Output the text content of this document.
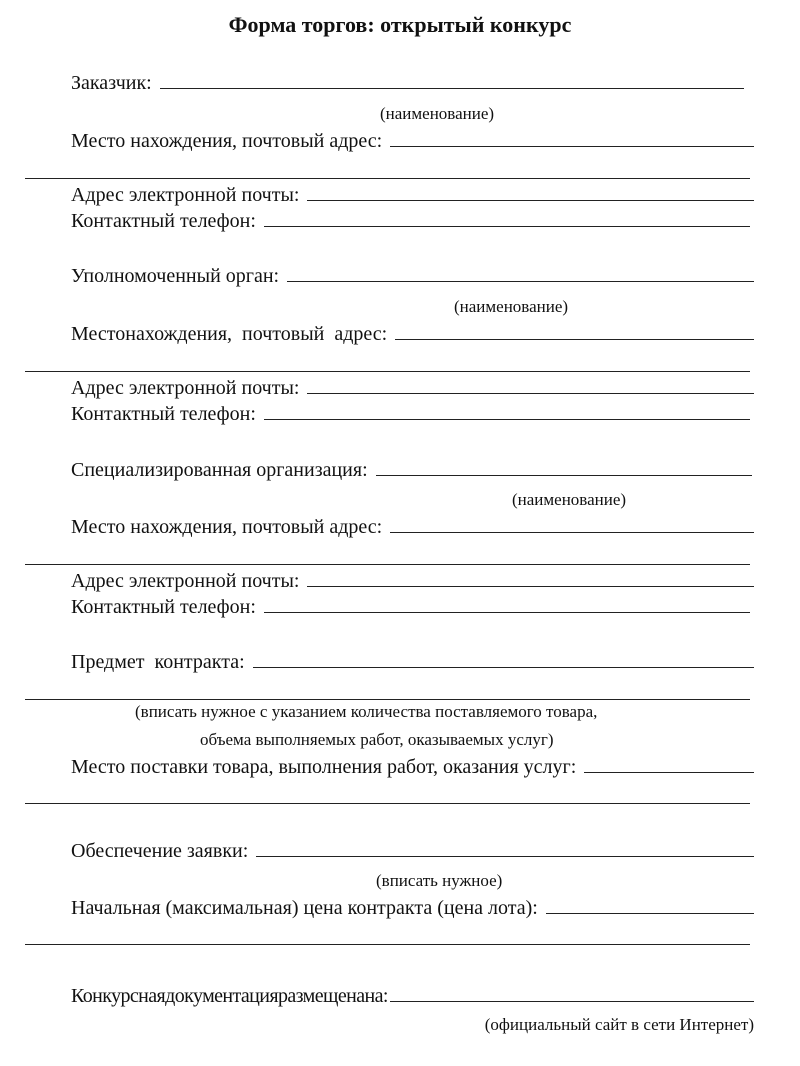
Форма торгов: открытый конкурс
Заказчик:
(наименование)
Место нахождения, почтовый адрес:
Адрес электронной почты:
Контактный телефон:
Уполномоченный орган:
(наименование)
Местонахождения,  почтовый  адрес:
Адрес электронной почты:
Контактный телефон:
Специализированная организация:
(наименование)
Место нахождения, почтовый адрес:
Адрес электронной почты:
Контактный телефон:
Предмет  контракта:
(вписать нужное с указанием количества поставляемого товара,
объема выполняемых работ, оказываемых услуг)
Место поставки товара, выполнения работ, оказания услуг:
Обеспечение заявки:
(вписать нужное)
Начальная (максимальная) цена контракта (цена лота):
Конкурснаядокументацияразмещенана:
(официальный сайт в сети Интернет)
